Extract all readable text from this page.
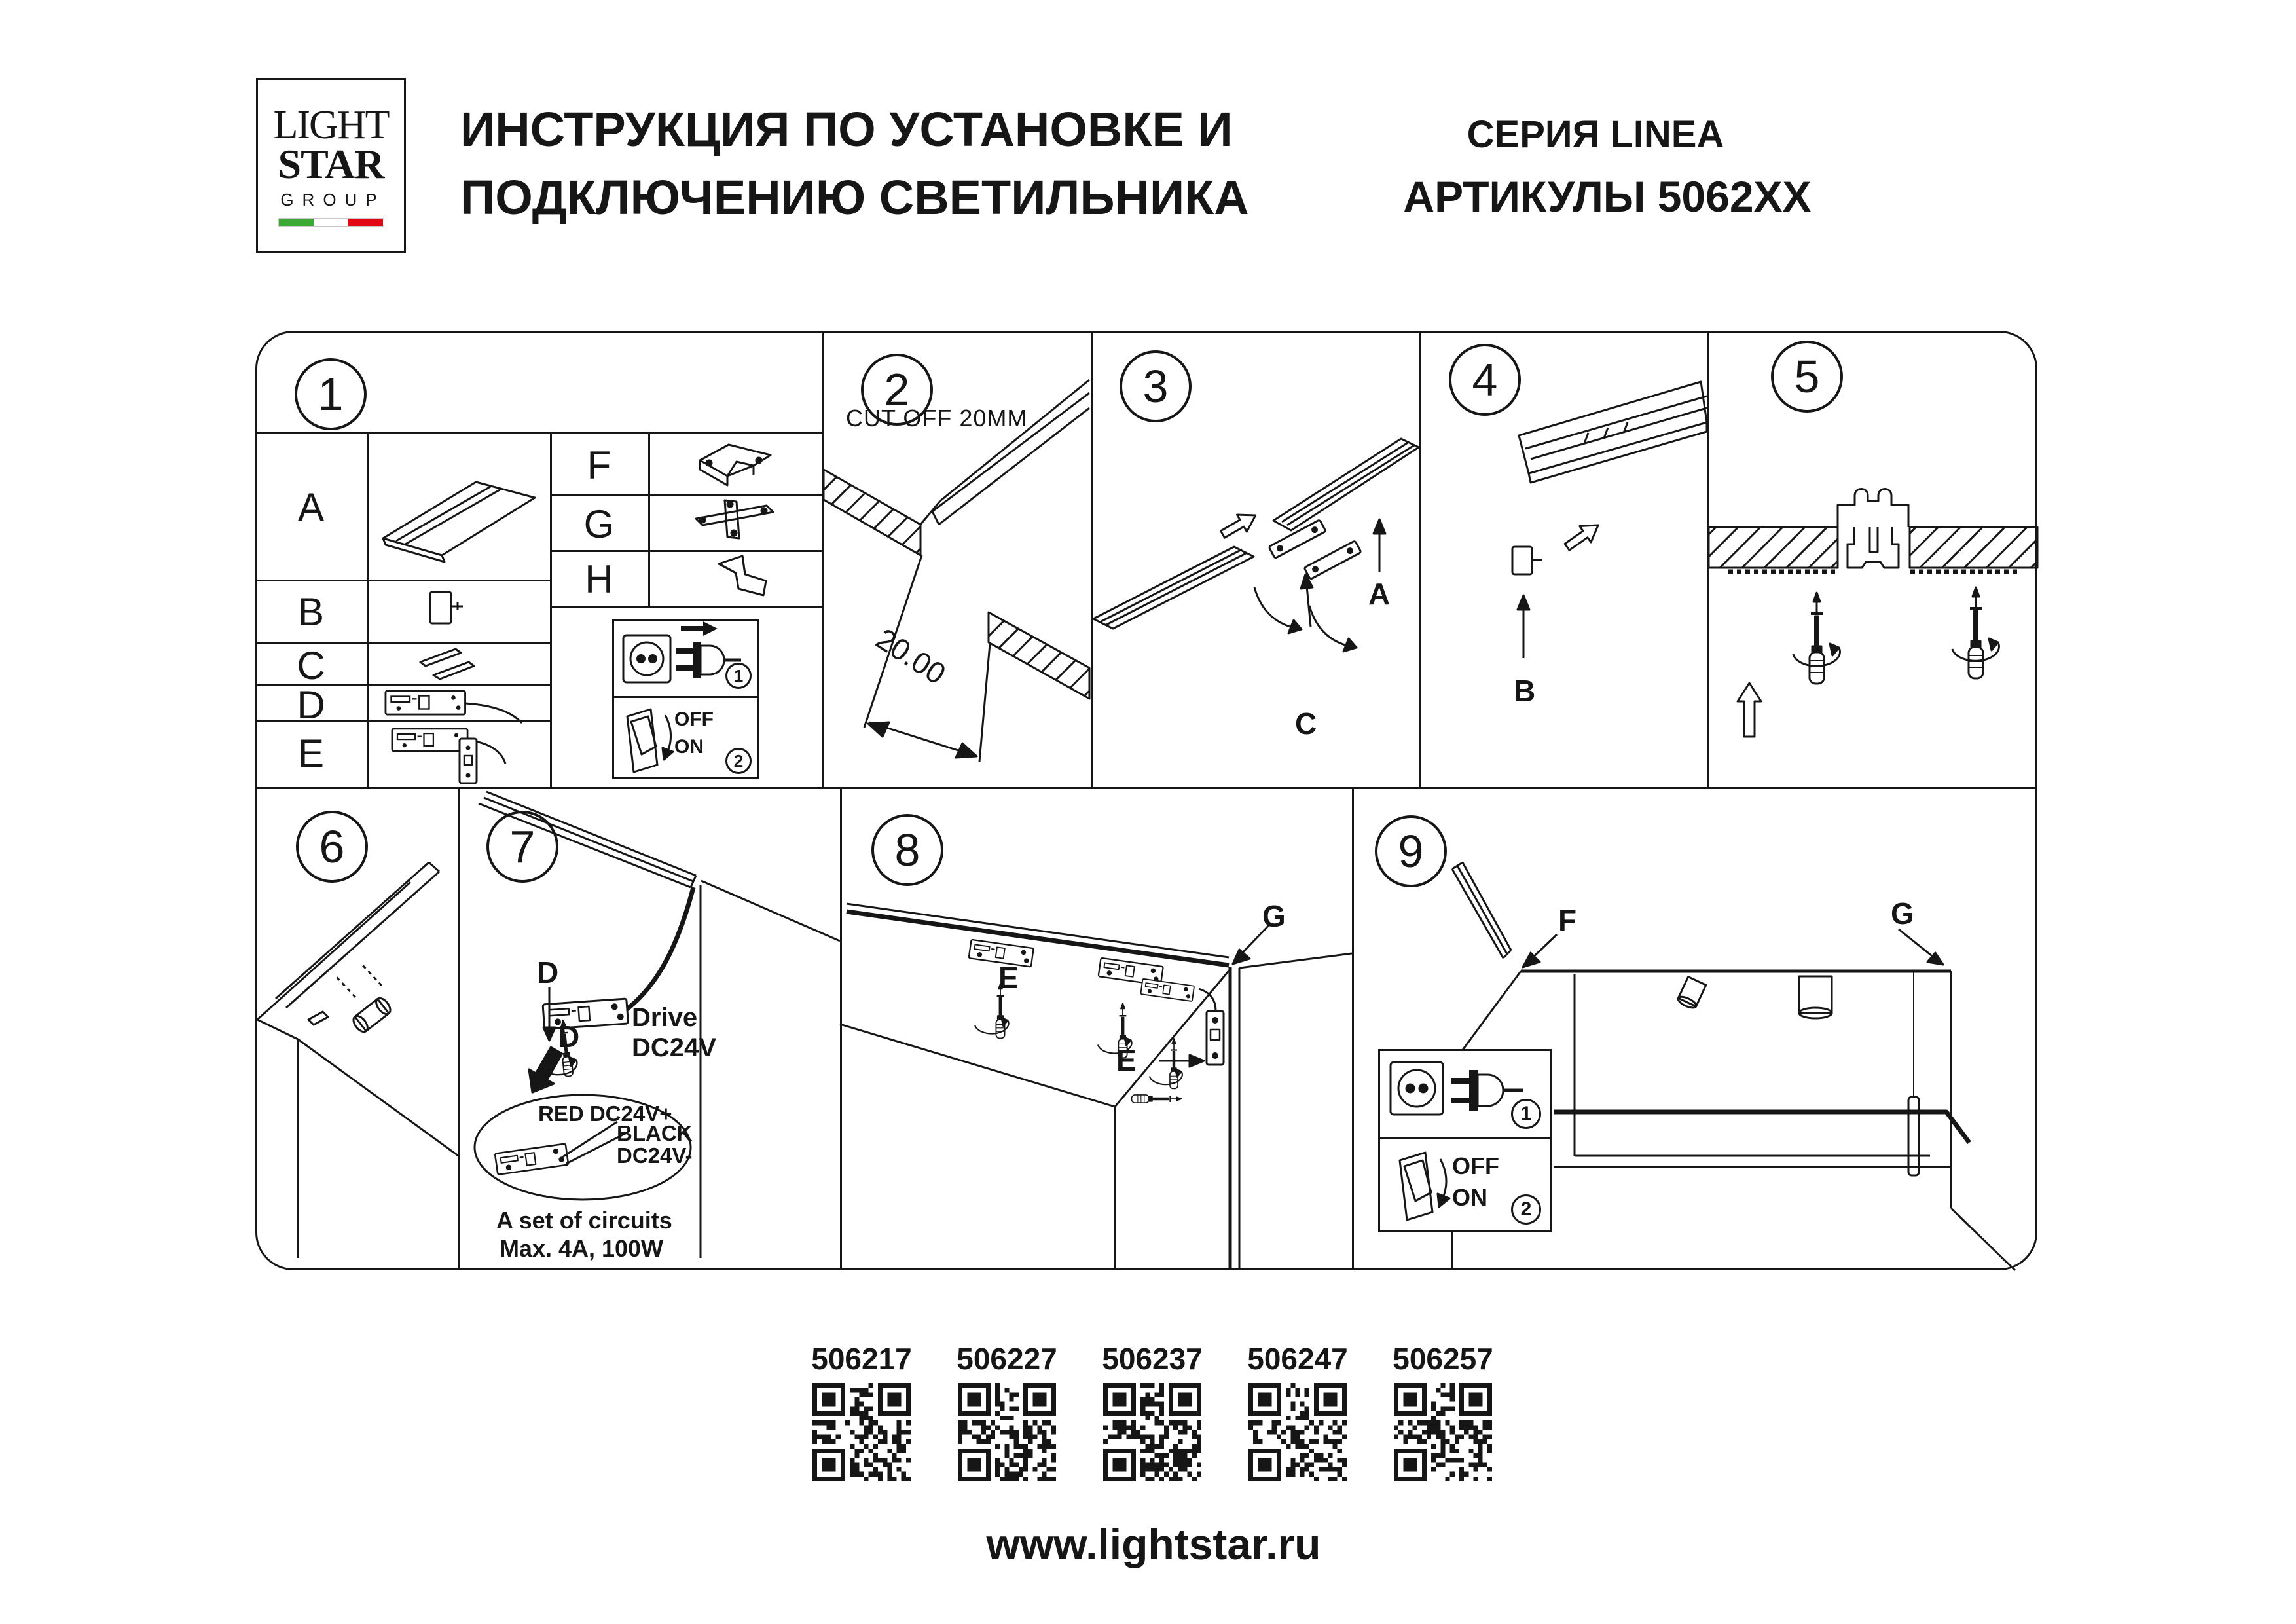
LIGHT
STAR
GROUP
ИНСТРУКЦИЯ ПО УСТАНОВКЕ И
ПОДКЛЮЧЕНИЮ СВЕТИЛЬНИКА
СЕРИЯ LINEA
АРТИКУЛЫ 5062XX
1	2	3	4	5
6	7	8	9
A
B
C
D
E
F
G
H
1
OFF
ON
2
CUT OFF 20MM
20.00
A
C
B
D
D
Drive
DC24V
RED DC24V+
BLACK
DC24V-
A set of circuits
Max. 4A, 100W
E
E
G	F	G
1
OFF
ON	2
506217	506227	506237	506247	506257
www.lightstar.ru
